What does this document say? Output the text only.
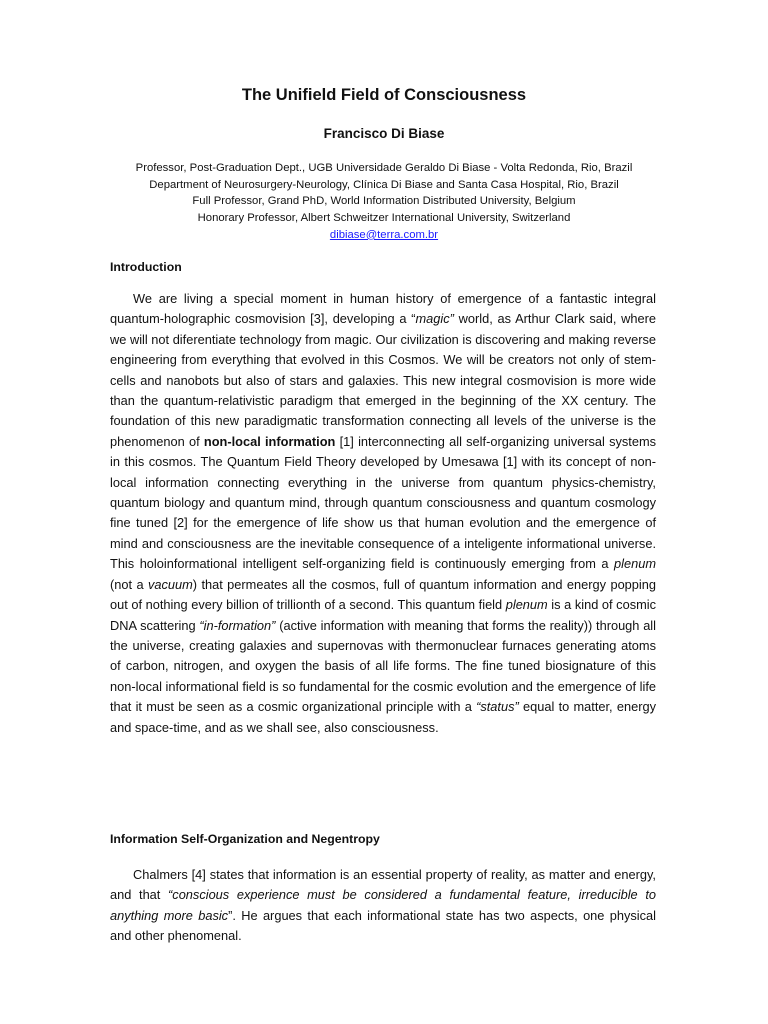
The Unifield Field of Consciousness
Francisco Di Biase
Professor, Post-Graduation Dept., UGB Universidade Geraldo Di Biase - Volta Redonda, Rio, Brazil
Department of Neurosurgery-Neurology, Clínica Di Biase and Santa Casa Hospital, Rio, Brazil
Full Professor, Grand PhD, World Information Distributed University, Belgium
Honorary Professor, Albert Schweitzer International University, Switzerland
dibiase@terra.com.br
Introduction

We are living a special moment in human history of emergence of a fantastic integral quantum-holographic cosmovision [3], developing a “magic” world, as Arthur Clark said, where we will not diferentiate technology from magic. Our civilization is discovering and making reverse engineering from everything that evolved in this Cosmos. We will be creators not only of stem-cells and nanobots but also of stars and galaxies. This new integral cosmovision is more wide than the quantum-relativistic paradigm that emerged in the beginning of the XX century. The foundation of this new paradigmatic transformation connecting all levels of the universe is the phenomenon of non-local information [1] interconnecting all self-organizing universal systems in this cosmos. The Quantum Field Theory developed by Umesawa [1] with its concept of non-local information connecting everything in the universe from quantum physics-chemistry, quantum biology and quantum mind, through quantum consciousness and quantum cosmology fine tuned [2] for the emergence of life show us that human evolution and the emergence of mind and consciousness are the inevitable consequence of a inteligente informational universe. This holoinformational intelligent self-organizing field is continuously emerging from a plenum (not a vacuum) that permeates all the cosmos, full of quantum information and energy popping out of nothing every billion of trillionth of a second. This quantum field plenum is a kind of cosmic DNA scattering “in-formation” (active information with meaning that forms the reality)) through all the universe, creating galaxies and supernovas with thermonuclear furnaces generating atoms of carbon, nitrogen, and oxygen the basis of all life forms. The fine tuned biosignature of this non-local informational field is so fundamental for the cosmic evolution and the emergence of life that it must be seen as a cosmic organizational principle with a “status” equal to matter, energy and space-time, and as we shall see, also consciousness.

Information Self-Organization and Negentropy

Chalmers [4] states that information is an essential property of reality, as matter and energy, and that “conscious experience must be considered a fundamental feature, irreducible to anything more basic”. He argues that each informational state has two aspects, one physical and other phenomenal.
